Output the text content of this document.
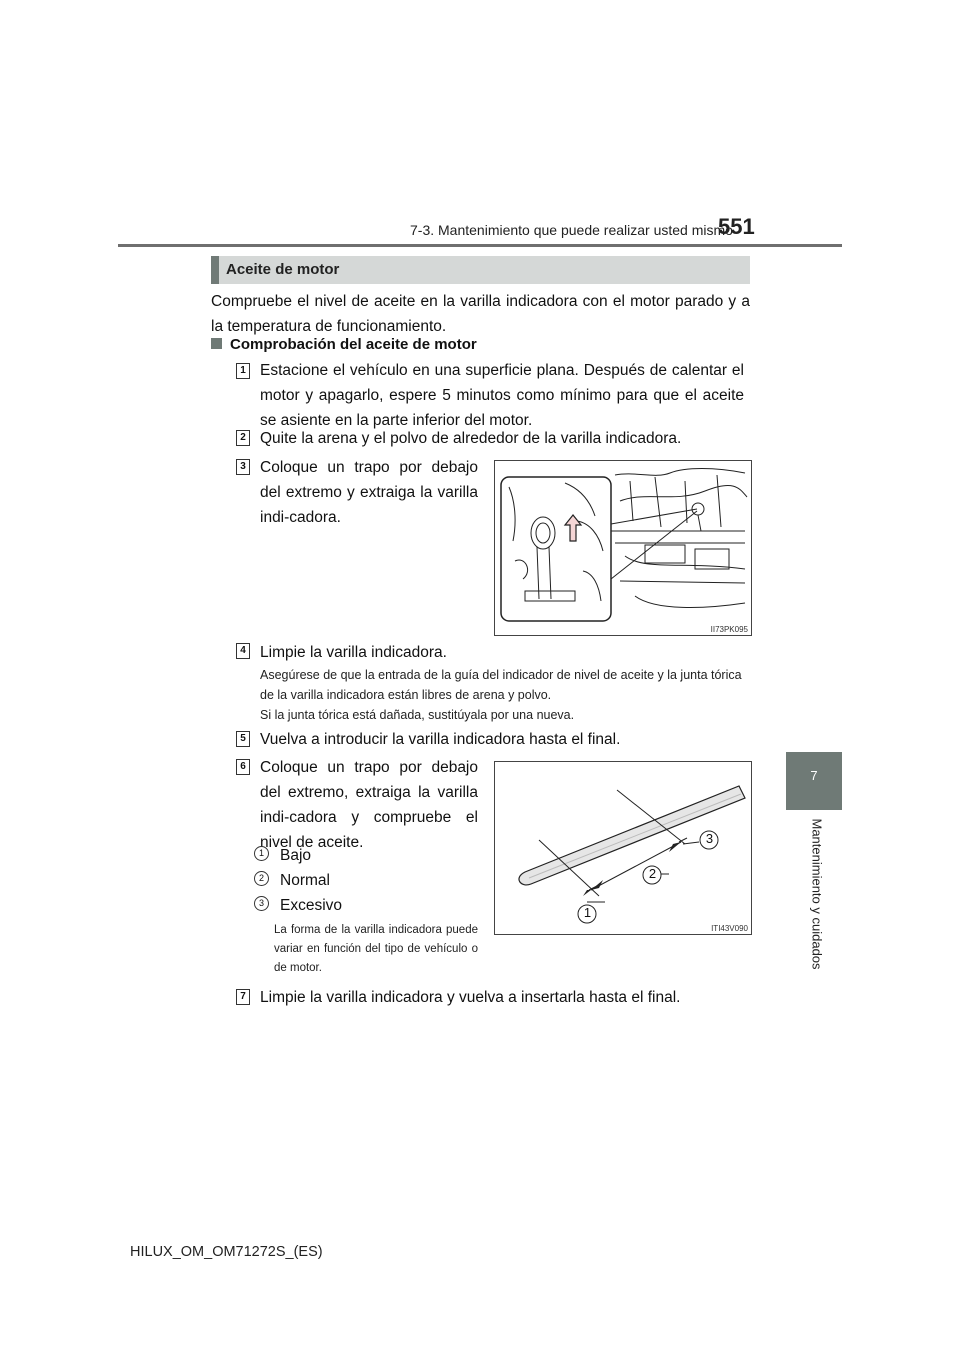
7-3. Mantenimiento que puede realizar usted mismo
551
7
Mantenimiento y cuidados
Aceite de motor
Compruebe el nivel de aceite en la varilla indicadora con el motor parado y a la temperatura de funcionamiento.
Comprobación del aceite de motor
1 Estacione el vehículo en una superficie plana. Después de calentar el motor y apagarlo, espere 5 minutos como mínimo para que el aceite se asiente en la parte inferior del motor.
2 Quite la arena y el polvo de alrededor de la varilla indicadora.
3 Coloque un trapo por debajo del extremo y extraiga la varilla indi-cadora.
II73PK095
4 Limpie la varilla indicadora.
Asegúrese de que la entrada de la guía del indicador de nivel de aceite y la junta tórica de la varilla indicadora están libres de arena y polvo.
Si la junta tórica está dañada, sustitúyala por una nueva.
5 Vuelva a introducir la varilla indicadora hasta el final.
6 Coloque un trapo por debajo del extremo, extraiga la varilla indi-cadora y compruebe el nivel de aceite.
1	Bajo
2	Normal
3	Excesivo
La forma de la varilla indicadora puede variar en función del tipo de vehículo o de motor.
1
2
3
ITI43V090
7 Limpie la varilla indicadora y vuelva a insertarla hasta el final.
HILUX_OM_OM71272S_(ES)
